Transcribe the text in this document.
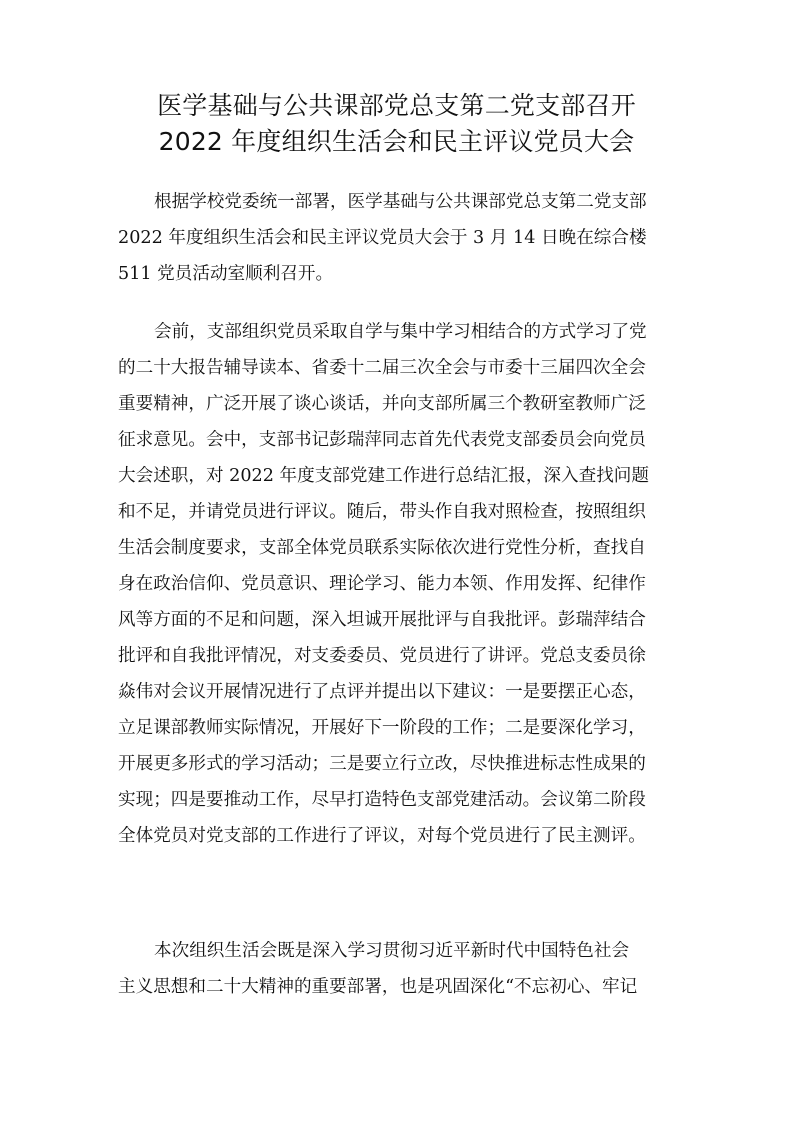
医学基础与公共课部党总支第二党支部召开
2022 年度组织生活会和民主评议党员大会
根据学校党委统一部署，医学基础与公共课部党总支第二党支部
2022 年度组织生活会和民主评议党员大会于 3 月 14 日晚在综合楼
511 党员活动室顺利召开。
会前，支部组织党员采取自学与集中学习相结合的方式学习了党
的二十大报告辅导读本、省委十二届三次全会与市委十三届四次全会
重要精神，广泛开展了谈心谈话，并向支部所属三个教研室教师广泛
征求意见。会中，支部书记彭瑞萍同志首先代表党支部委员会向党员
大会述职，对 2022 年度支部党建工作进行总结汇报，深入查找问题
和不足，并请党员进行评议。随后，带头作自我对照检查，按照组织
生活会制度要求，支部全体党员联系实际依次进行党性分析，查找自
身在政治信仰、党员意识、理论学习、能力本领、作用发挥、纪律作
风等方面的不足和问题，深入坦诚开展批评与自我批评。彭瑞萍结合
批评和自我批评情况，对支委委员、党员进行了讲评。党总支委员徐
焱伟对会议开展情况进行了点评并提出以下建议：一是要摆正心态，
立足课部教师实际情况，开展好下一阶段的工作；二是要深化学习，
开展更多形式的学习活动；三是要立行立改，尽快推进标志性成果的
实现；四是要推动工作，尽早打造特色支部党建活动。会议第二阶段
全体党员对党支部的工作进行了评议，对每个党员进行了民主测评。
本次组织生活会既是深入学习贯彻习近平新时代中国特色社会
主义思想和二十大精神的重要部署，也是巩固深化“不忘初心、牢记
